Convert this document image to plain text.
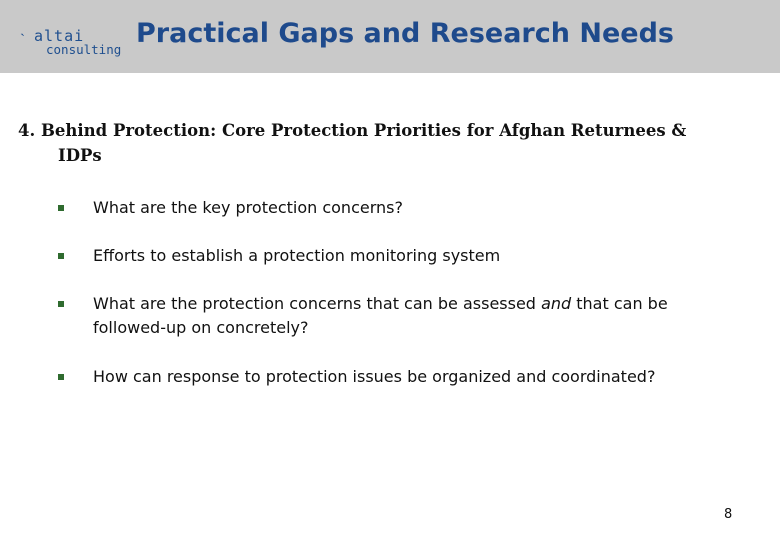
ˋ altai
consulting
Practical Gaps and Research Needs
4. Behind Protection: Core Protection Priorities for Afghan Returnees &
IDPs
What are the key protection concerns?
Efforts to establish a protection monitoring system
What are the protection concerns that can be assessed and that can be
followed-up on concretely?
How can response to protection issues be organized and coordinated?
8
